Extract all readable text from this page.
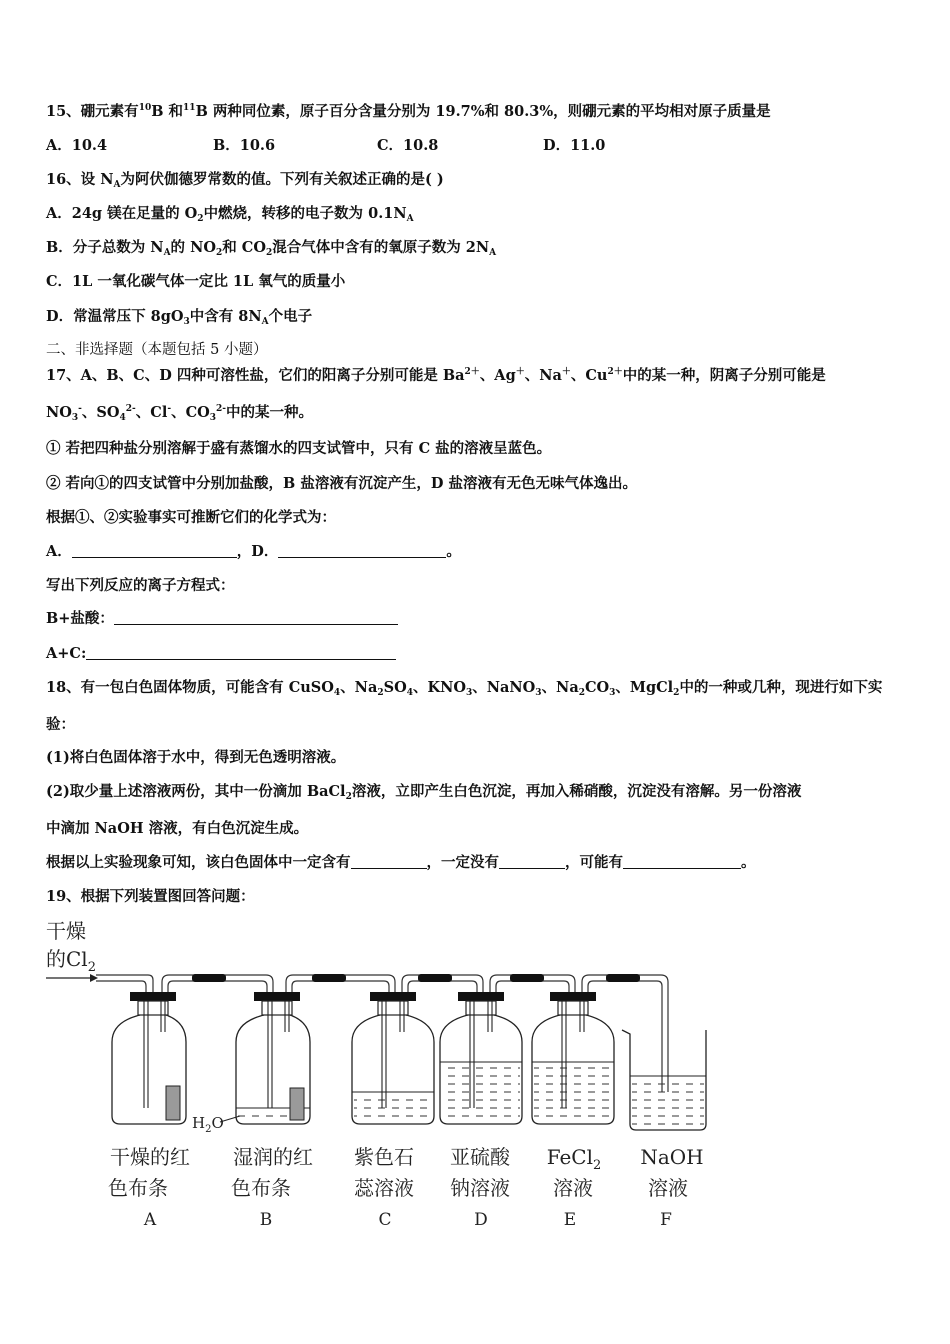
15、硼元素有$^{10}$B 和$^{11}$B 两种同位素，原子百分含量分别为 19.7%和 80.3%，则硼元素的平均相对原子质量是
A．10.4	B．10.6	C．10.8	D．11.0
16、设 $N_A$为阿伏伽德罗常数的值。下列有关叙述正确的是( )
A．24g 镁在足量的 $O_2$中燃烧，转移的电子数为 $0.1N_A$
B．分子总数为 $N_A$的 $NO_2$和 $CO_2$混合气体中含有的氧原子数为 $2N_A$
C．1L 一氧化碳气体一定比 1L 氧气的质量小
D．常温常压下 $8gO_3$中含有 $8N_A$个电子
二、非选择题（本题包括 5 小题）
17、A、B、C、D 四种可溶性盐，它们的阳离子分别可能是 $Ba^{2+}$、Ag＋、Na＋、$Cu^{2+}$中的某一种，阴离子分别可能是
$NO_3^-$、$SO_4^{2-}$、Cl-、$CO_3^{2-}$中的某一种。
① 若把四种盐分别溶解于盛有蒸馏水的四支试管中，只有 C 盐的溶液呈蓝色。
② 若向①的四支试管中分别加盐酸，B 盐溶液有沉淀产生，D 盐溶液有无色无味气体逸出。
根据①、②实验事实可推断它们的化学式为：
A．	，D．	。
写出下列反应的离子方程式：
B+盐酸：
A+C:
18、有一包白色固体物质，可能含有 CuSO$_4$、$Na_2SO_4$、$KNO_3$、NaNO$_3$、$Na_2CO_3$、MgCl$_2$中的一种或几种，现进行如下实
验：
(1)将白色固体溶于水中，得到无色透明溶液。
(2)取少量上述溶液两份，其中一份滴加 BaCl$_2$溶液，立即产生白色沉淀，再加入稀硝酸，沉淀没有溶解。另一份溶液
中滴加 NaOH 溶液，有白色沉淀生成。
根据以上实验现象可知，该白色固体中一定含有	，一定没有	，可能有	。
19、根据下列装置图回答问题：
干燥
的$Cl_2$
$H_2O$
干燥的红
色布条
A
湿润的红
色布条
B
紫色石
蕊溶液
C
亚硫酸
钠溶液
D
FeCl$_2$
溶液
E
NaOH
溶液
F
